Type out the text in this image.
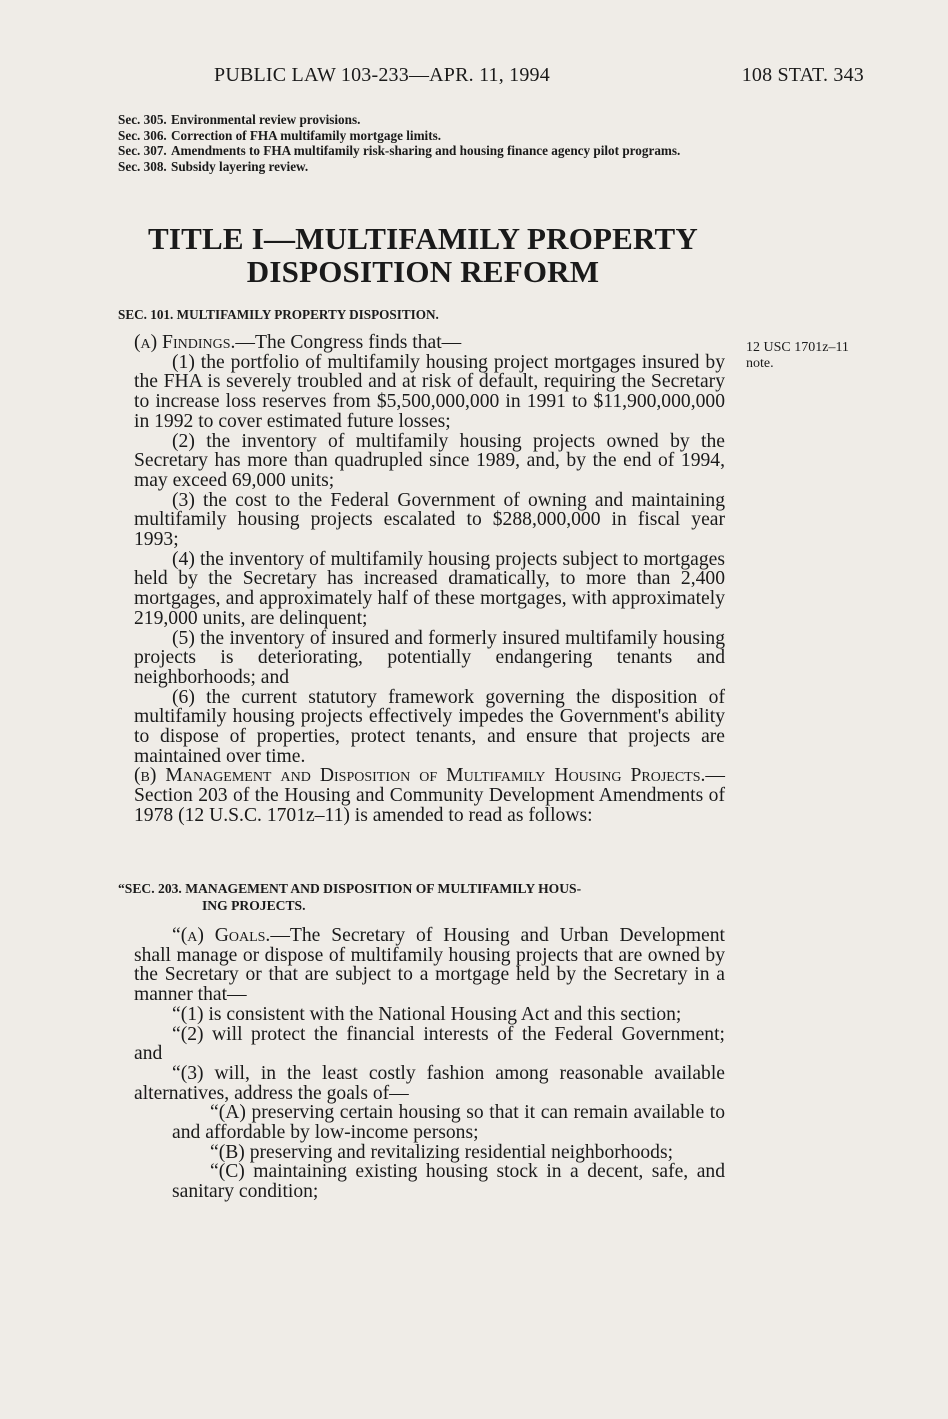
PUBLIC LAW 103-233—APR. 11, 1994	108 STAT. 343
Sec. 305. Environmental review provisions.
Sec. 306. Correction of FHA multifamily mortgage limits.
Sec. 307. Amendments to FHA multifamily risk-sharing and housing finance agency pilot programs.
Sec. 308. Subsidy layering review.
TITLE I—MULTIFAMILY PROPERTY
DISPOSITION REFORM
SEC. 101. MULTIFAMILY PROPERTY DISPOSITION.
12 USC 1701z–11
note.

(a) Findings.—The Congress finds that—

(1) the portfolio of multifamily housing project mortgages insured by the FHA is severely troubled and at risk of default, requiring the Secretary to increase loss reserves from $5,500,000,000 in 1991 to $11,900,000,000 in 1992 to cover estimated future losses;

(2) the inventory of multifamily housing projects owned by the Secretary has more than quadrupled since 1989, and, by the end of 1994, may exceed 69,000 units;

(3) the cost to the Federal Government of owning and maintaining multifamily housing projects escalated to $288,000,000 in fiscal year 1993;

(4) the inventory of multifamily housing projects subject to mortgages held by the Secretary has increased dramatically, to more than 2,400 mortgages, and approximately half of these mortgages, with approximately 219,000 units, are delinquent;

(5) the inventory of insured and formerly insured multifamily housing projects is deteriorating, potentially endangering tenants and neighborhoods; and

(6) the current statutory framework governing the disposition of multifamily housing projects effectively impedes the Government's ability to dispose of properties, protect tenants, and ensure that projects are maintained over time.

(b) Management and Disposition of Multifamily Housing Projects.—Section 203 of the Housing and Community Development Amendments of 1978 (12 U.S.C. 1701z–11) is amended to read as follows:

“SEC. 203. MANAGEMENT AND DISPOSITION OF MULTIFAMILY HOUS-
ING PROJECTS.

“(a) Goals.—The Secretary of Housing and Urban Development shall manage or dispose of multifamily housing projects that are owned by the Secretary or that are subject to a mortgage held by the Secretary in a manner that—

“(1) is consistent with the National Housing Act and this section;

“(2) will protect the financial interests of the Federal Government; and

“(3) will, in the least costly fashion among reasonable available alternatives, address the goals of—

“(A) preserving certain housing so that it can remain available to and affordable by low-income persons;

“(B) preserving and revitalizing residential neighborhoods;

“(C) maintaining existing housing stock in a decent, safe, and sanitary condition;
